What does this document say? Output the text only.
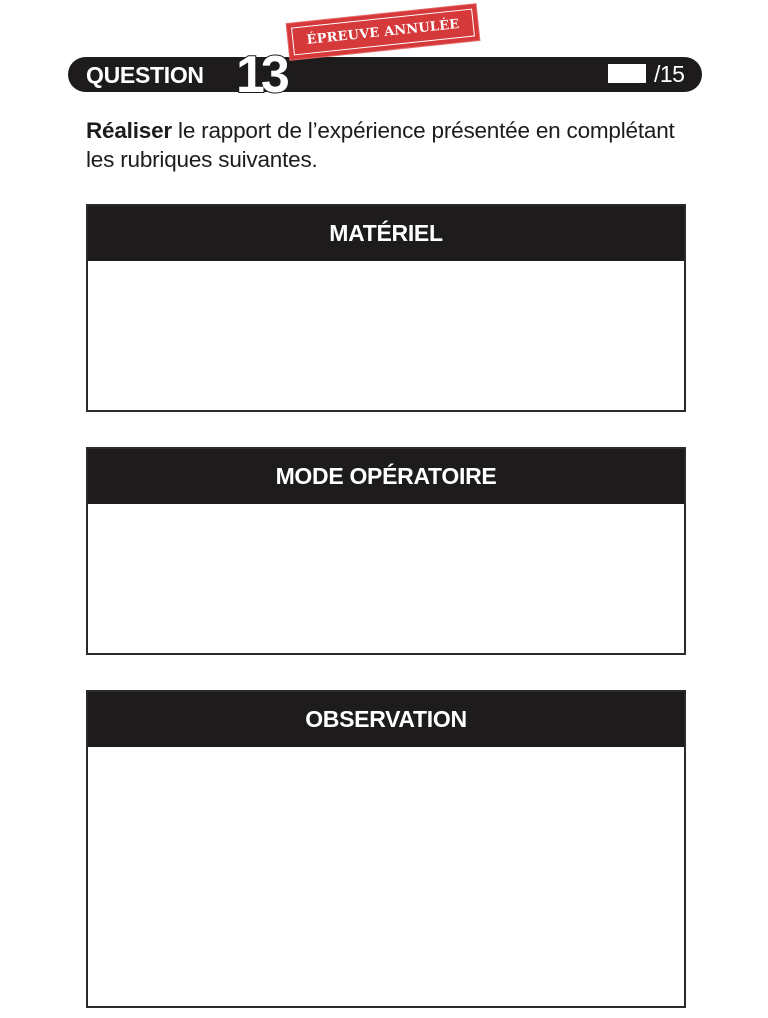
QUESTION 13
ÉPREUVE ANNULÉE
/15
Réaliser le rapport de l’expérience présentée en complétant les rubriques suivantes.
MATÉRIEL
MODE OPÉRATOIRE
OBSERVATION
